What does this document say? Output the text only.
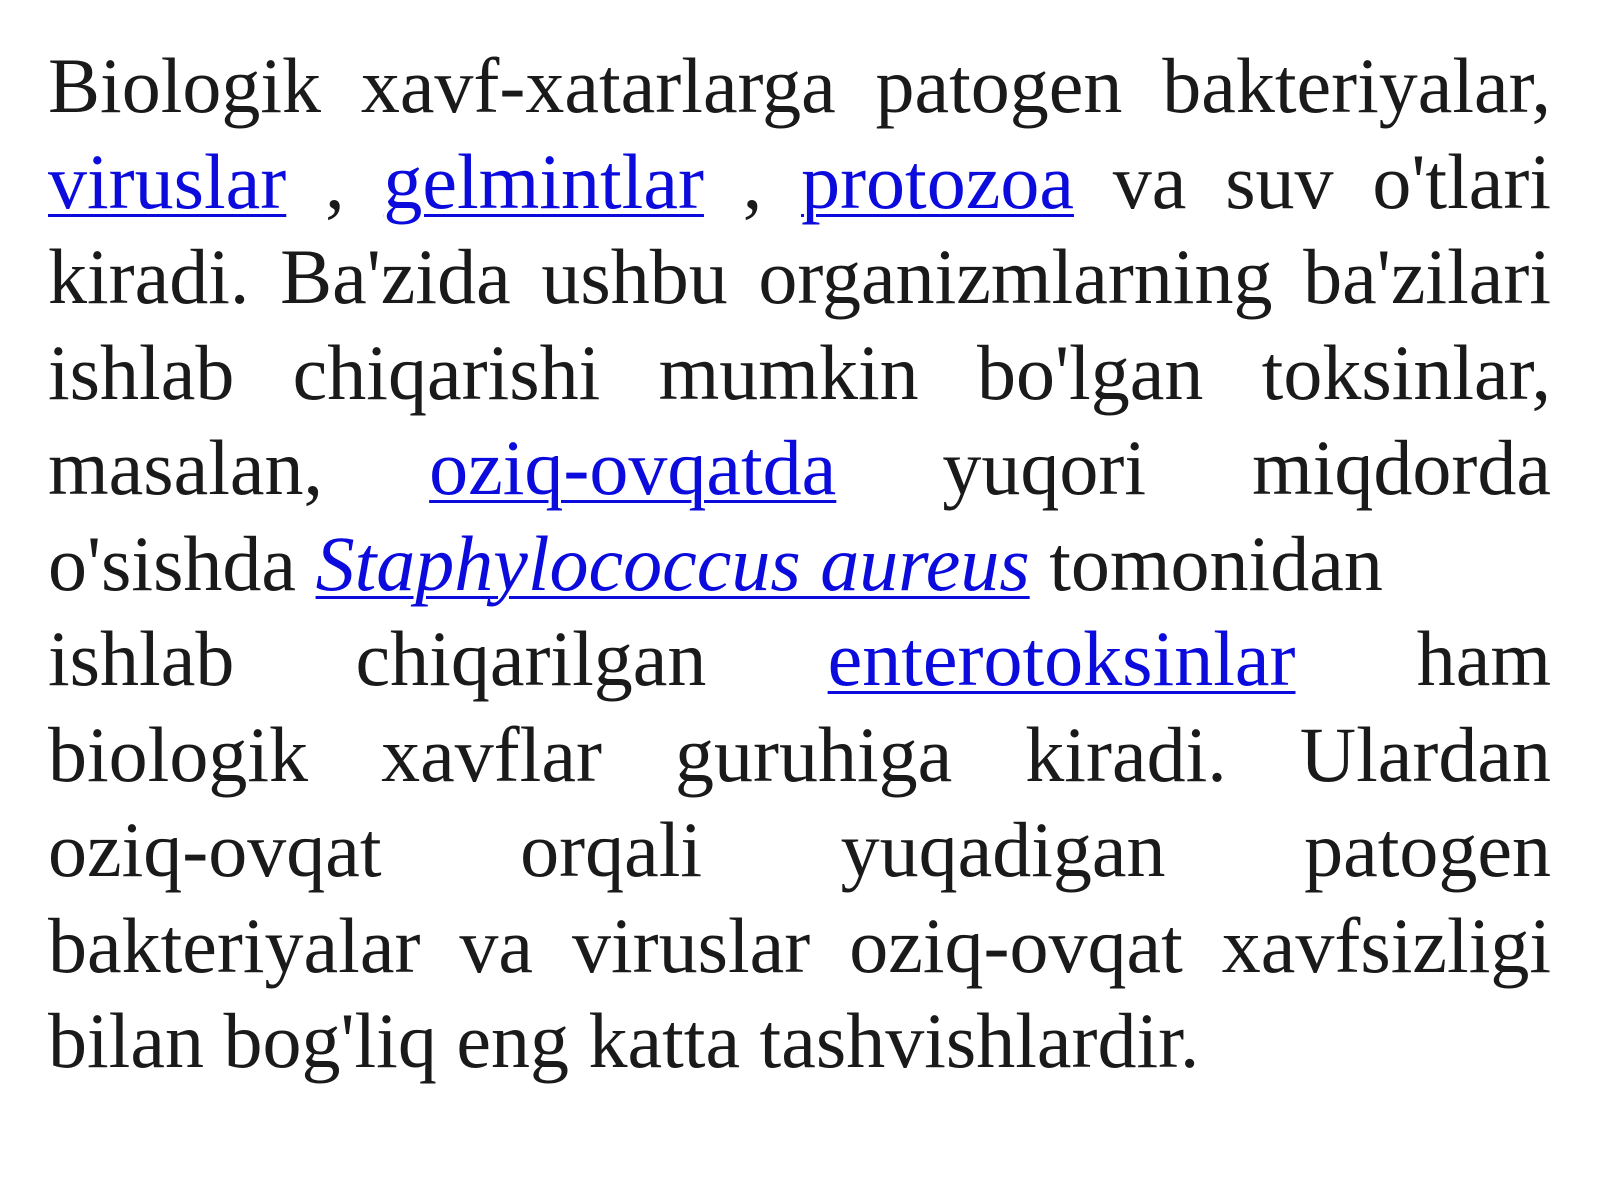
Biologik xavf-xatarlarga patogen bakteriyalar,
viruslar , gelmintlar , protozoa va suv o'tlari
kiradi. Ba'zida ushbu organizmlarning ba'zilari
ishlab chiqarishi mumkin bo'lgan toksinlar,
masalan, oziq-ovqatda yuqori miqdorda
o'sishda Staphylococcus aureus tomonidan
ishlab chiqarilgan enterotoksinlar ham
biologik xavflar guruhiga kiradi. Ulardan
oziq-ovqat orqali yuqadigan patogen
bakteriyalar va viruslar oziq-ovqat xavfsizligi
bilan bog'liq eng katta tashvishlardir.
